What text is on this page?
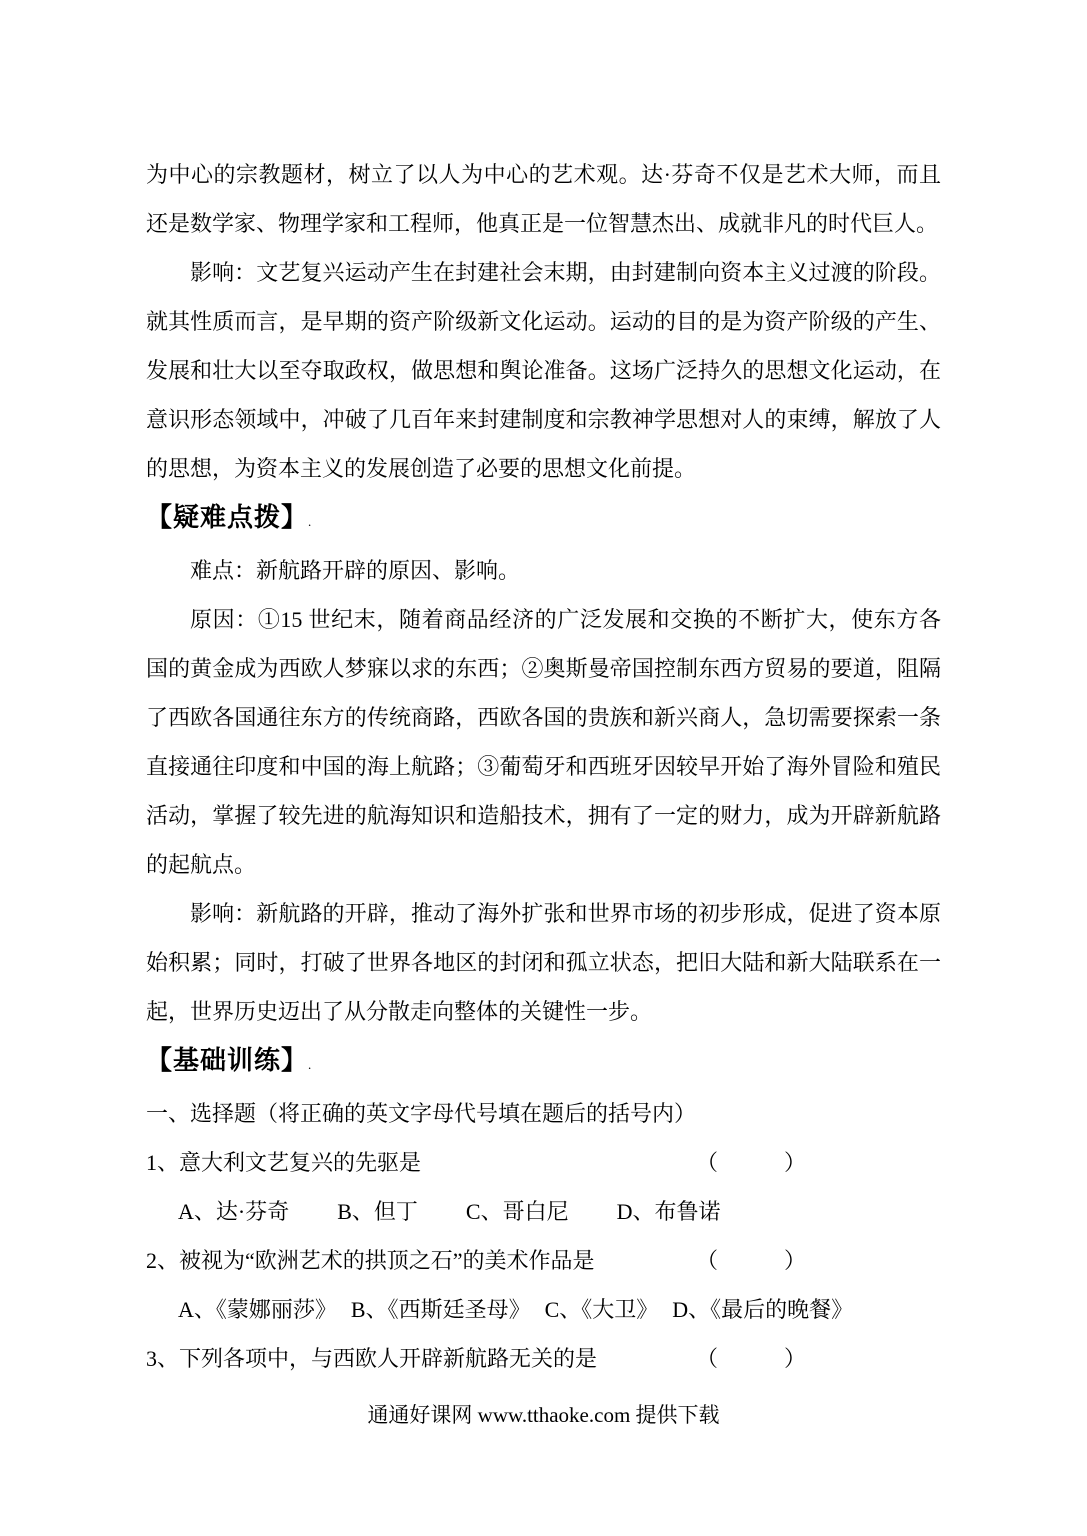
为中心的宗教题材，树立了以人为中心的艺术观。达·芬奇不仅是艺术大师，而且还是数学家、物理学家和工程师，他真正是一位智慧杰出、成就非凡的时代巨人。

影响：文艺复兴运动产生在封建社会末期，由封建制向资本主义过渡的阶段。就其性质而言，是早期的资产阶级新文化运动。运动的目的是为资产阶级的产生、发展和壮大以至夺取政权，做思想和舆论准备。这场广泛持久的思想文化运动，在意识形态领域中，冲破了几百年来封建制度和宗教神学思想对人的束缚，解放了人的思想，为资本主义的发展创造了必要的思想文化前提。

【疑难点拨】.

难点：新航路开辟的原因、影响。

原因：①15 世纪末，随着商品经济的广泛发展和交换的不断扩大，使东方各国的黄金成为西欧人梦寐以求的东西；②奥斯曼帝国控制东西方贸易的要道，阻隔了西欧各国通往东方的传统商路，西欧各国的贵族和新兴商人，急切需要探索一条直接通往印度和中国的海上航路；③葡萄牙和西班牙因较早开始了海外冒险和殖民活动，掌握了较先进的航海知识和造船技术，拥有了一定的财力，成为开辟新航路的起航点。

影响：新航路的开辟，推动了海外扩张和世界市场的初步形成，促进了资本原始积累；同时，打破了世界各地区的封闭和孤立状态，把旧大陆和新大陆联系在一起，世界历史迈出了从分散走向整体的关键性一步。

【基础训练】.

一、选择题（将正确的英文字母代号填在题后的括号内）

1、意大利文艺复兴的先驱是	（　　　）
A、达·芬奇 B、但丁 C、哥白尼 D、布鲁诺
2、被视为“欧洲艺术的拱顶之石”的美术作品是	（　　　）
A、《蒙娜丽莎》 B、《西斯廷圣母》 C、《大卫》 D、《最后的晚餐》
3、下列各项中，与西欧人开辟新航路无关的是	（　　　）
通通好课网 www.tthaoke.com 提供下载
